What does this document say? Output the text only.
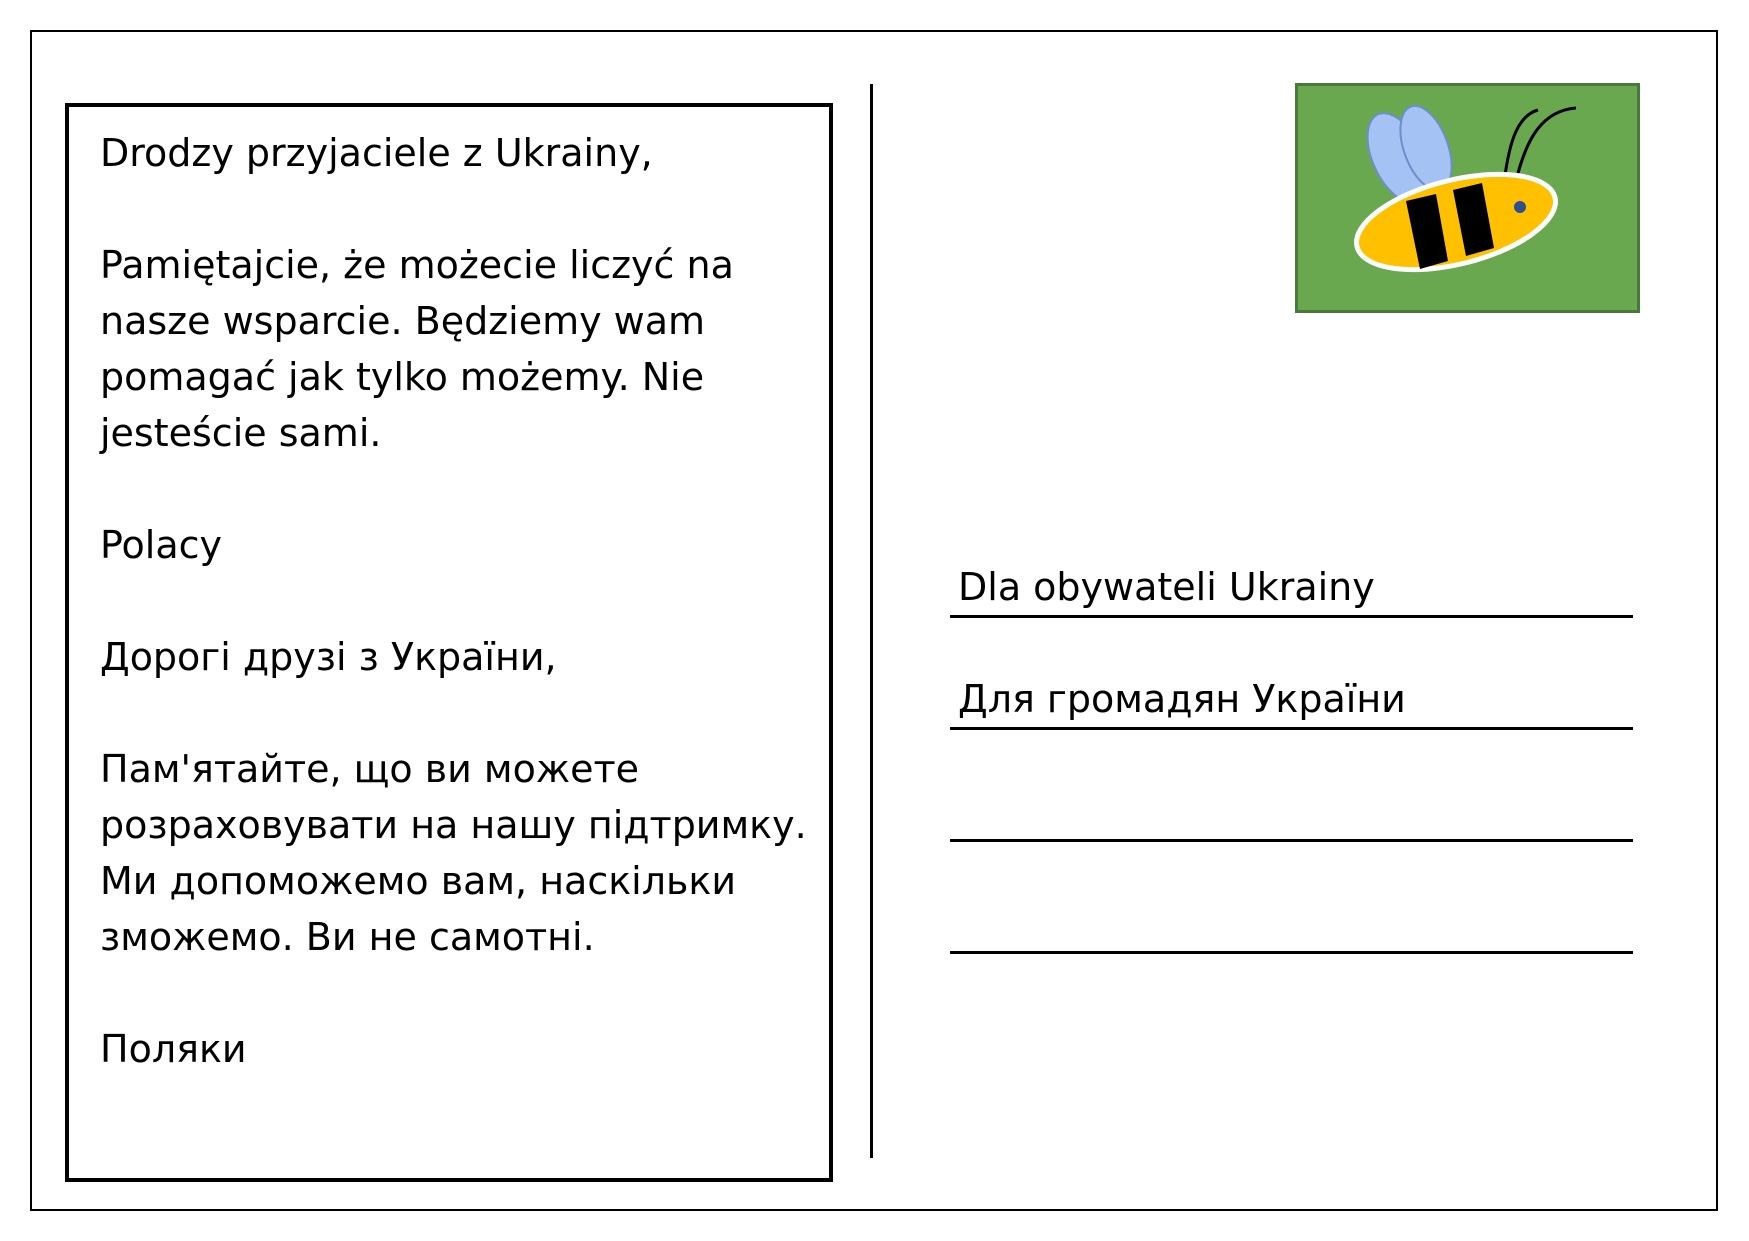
Drodzy przyjaciele z Ukrainy,

Pamiętajcie, że możecie liczyć na

nasze wsparcie. Będziemy wam

pomagać jak tylko możemy. Nie

jesteście sami.

Polacy

Дорогі друзі з України,

Пам'ятайте, що ви можете

розраховувати на нашу підтримку.

Ми допоможемо вам, наскільки

зможемо. Ви не самотні.

Поляки

Dla obywateli Ukrainy
Для громадян України
